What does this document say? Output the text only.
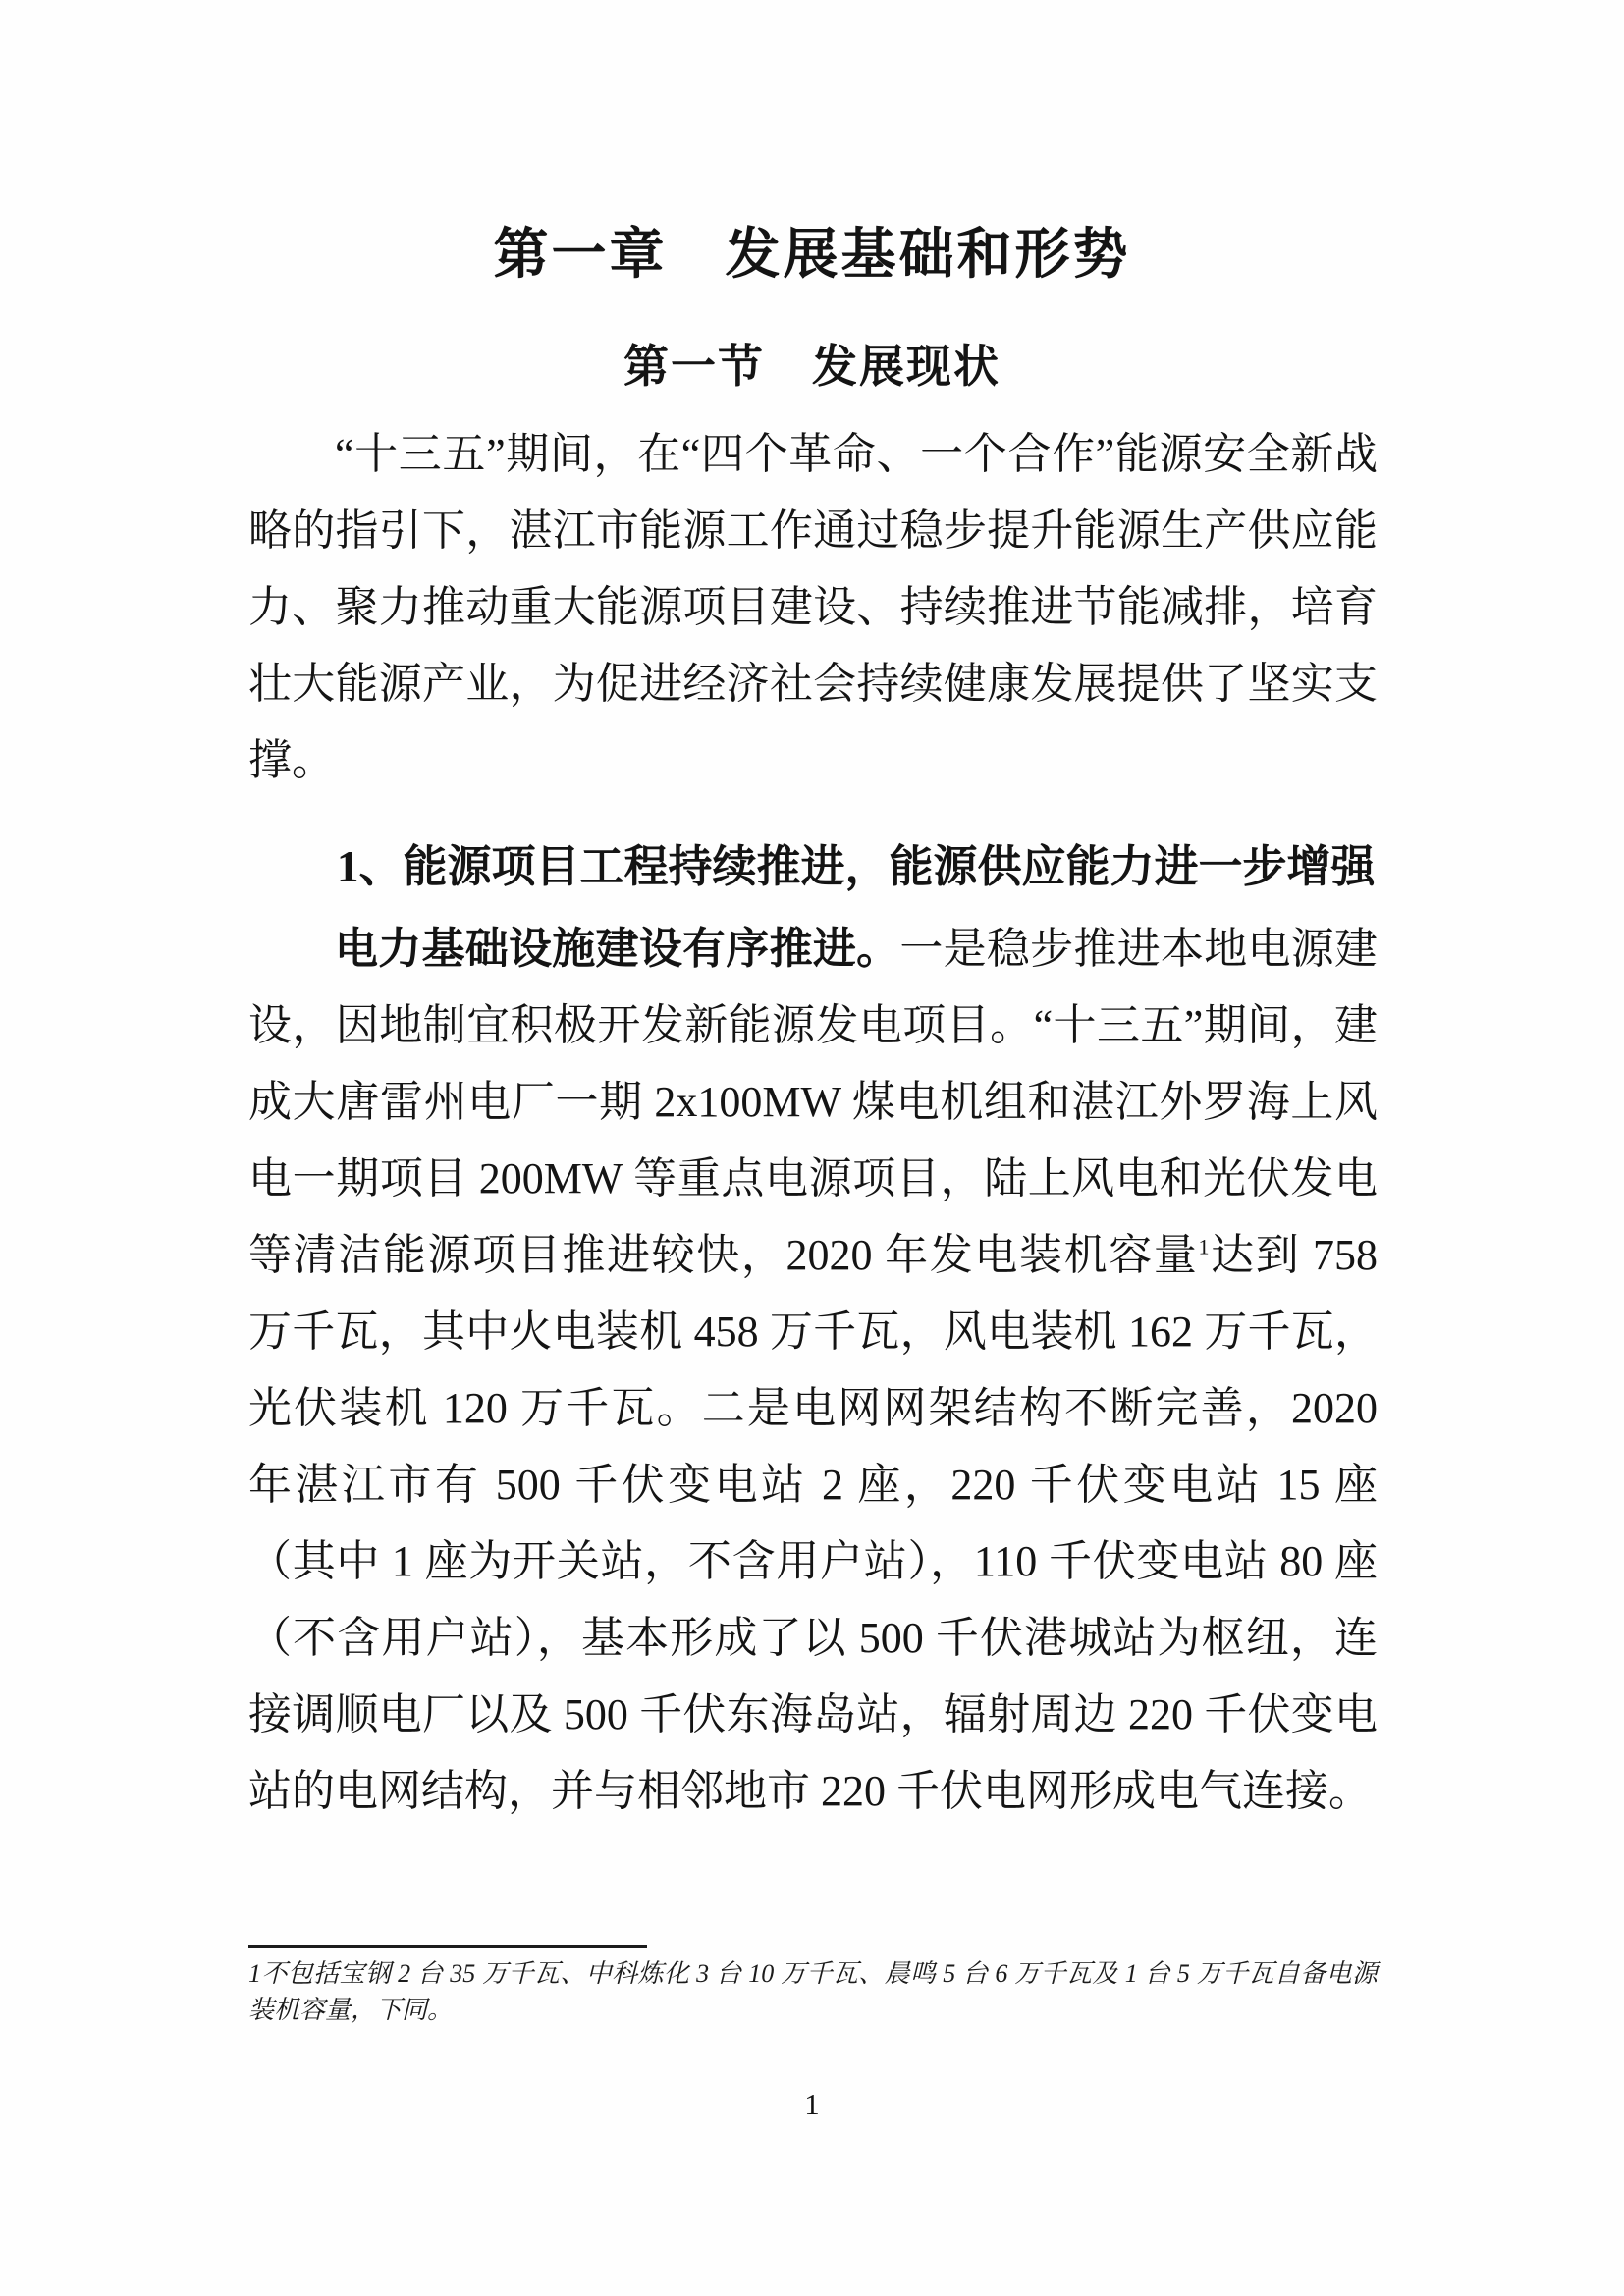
第一章　发展基础和形势
第一节　发展现状

“十三五”期间，在“四个革命、一个合作”能源安全新战略的指引下，湛江市能源工作通过稳步提升能源生产供应能力、聚力推动重大能源项目建设、持续推进节能减排，培育壮大能源产业，为促进经济社会持续健康发展提供了坚实支撑。

1、能源项目工程持续推进，能源供应能力进一步增强

电力基础设施建设有序推进。一是稳步推进本地电源建设，因地制宜积极开发新能源发电项目。“十三五”期间，建成大唐雷州电厂一期 2x100MW 煤电机组和湛江外罗海上风电一期项目 200MW 等重点电源项目，陆上风电和光伏发电等清洁能源项目推进较快，2020 年发电装机容量$^1$达到 758 万千瓦，其中火电装机 458 万千瓦，风电装机 162 万千瓦，光伏装机 120 万千瓦。二是电网网架结构不断完善，2020 年湛江市有 500 千伏变电站 2 座，220 千伏变电站 15 座（其中 1 座为开关站，不含用户站），110 千伏变电站 80 座（不含用户站），基本形成了以 500 千伏港城站为枢纽，连接调顺电厂以及 500 千伏东海岛站，辐射周边 220 千伏变电站的电网结构，并与相邻地市 220 千伏电网形成电气连接。

1不包括宝钢 2 台 35 万千瓦、中科炼化 3 台 10 万千瓦、晨鸣 5 台 6 万千瓦及 1 台 5 万千瓦自备电源装机容量，下同。

1
